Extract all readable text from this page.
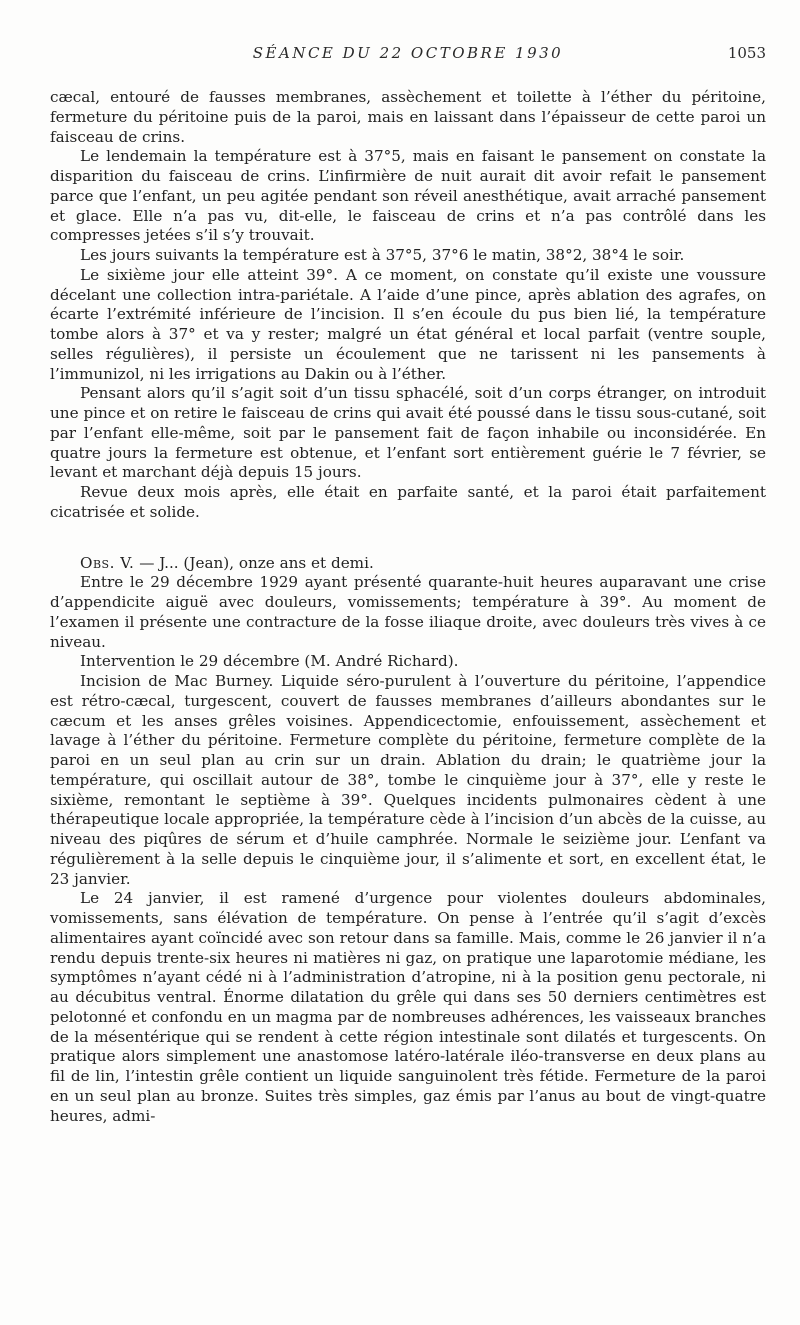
SÉANCE DU 22 OCTOBRE 1930	1053

cæcal, entouré de fausses membranes, assèchement et toilette à l’éther du péritoine, fermeture du péritoine puis de la paroi, mais en laissant dans l’épaisseur de cette paroi un faisceau de crins.

Le lendemain la température est à 37°5, mais en faisant le pansement on constate la disparition du faisceau de crins. L’infirmière de nuit aurait dit avoir refait le pansement parce que l’enfant, un peu agitée pendant son réveil anesthétique, avait arraché pansement et glace. Elle n’a pas vu, dit-elle, le faisceau de crins et n’a pas contrôlé dans les compresses jetées s’il s’y trouvait.

Les jours suivants la température est à 37°5, 37°6 le matin, 38°2, 38°4 le soir.

Le sixième jour elle atteint 39°. A ce moment, on constate qu’il existe une voussure décelant une collection intra-pariétale. A l’aide d’une pince, après ablation des agrafes, on écarte l’extrémité inférieure de l’incision. Il s’en écoule du pus bien lié, la température tombe alors à 37° et va y rester; malgré un état général et local parfait (ventre souple, selles régulières), il persiste un écoulement que ne tarissent ni les pansements à l’immunizol, ni les irrigations au Dakin ou à l’éther.

Pensant alors qu’il s’agit soit d’un tissu sphacélé, soit d’un corps étranger, on introduit une pince et on retire le faisceau de crins qui avait été poussé dans le tissu sous-cutané, soit par l’enfant elle-même, soit par le pansement fait de façon inhabile ou inconsidérée. En quatre jours la fermeture est obtenue, et l’enfant sort entièrement guérie le 7 février, se levant et marchant déjà depuis 15 jours.

Revue deux mois après, elle était en parfaite santé, et la paroi était parfaitement cicatrisée et solide.

Obs. V. — J... (Jean), onze ans et demi.

Entre le 29 décembre 1929 ayant présenté quarante-huit heures auparavant une crise d’appendicite aiguë avec douleurs, vomissements; température à 39°. Au moment de l’examen il présente une contracture de la fosse iliaque droite, avec douleurs très vives à ce niveau.

Intervention le 29 décembre (M. André Richard).

Incision de Mac Burney. Liquide séro-purulent à l’ouverture du péritoine, l’appendice est rétro-cæcal, turgescent, couvert de fausses membranes d’ailleurs abondantes sur le cæcum et les anses grêles voisines. Appendicectomie, enfouissement, assèchement et lavage à l’éther du péritoine. Fermeture complète du péritoine, fermeture complète de la paroi en un seul plan au crin sur un drain. Ablation du drain; le quatrième jour la température, qui oscillait autour de 38°, tombe le cinquième jour à 37°, elle y reste le sixième, remontant le septième à 39°. Quelques incidents pulmonaires cèdent à une thérapeutique locale appropriée, la température cède à l’incision d’un abcès de la cuisse, au niveau des piqûres de sérum et d’huile camphrée. Normale le seizième jour. L’enfant va régulièrement à la selle depuis le cinquième jour, il s’alimente et sort, en excellent état, le 23 janvier.

Le 24 janvier, il est ramené d’urgence pour violentes douleurs abdominales, vomissements, sans élévation de température. On pense à l’entrée qu’il s’agit d’excès alimentaires ayant coïncidé avec son retour dans sa famille. Mais, comme le 26 janvier il n’a rendu depuis trente-six heures ni matières ni gaz, on pratique une laparotomie médiane, les symptômes n’ayant cédé ni à l’administration d’atropine, ni à la position genu pectorale, ni au décubitus ventral. Énorme dilatation du grêle qui dans ses 50 derniers centimètres est pelotonné et confondu en un magma par de nombreuses adhérences, les vaisseaux branches de la mésentérique qui se rendent à cette région intestinale sont dilatés et turgescents. On pratique alors simplement une anastomose latéro-latérale iléo-transverse en deux plans au fil de lin, l’intestin grêle contient un liquide sanguinolent très fétide. Fermeture de la paroi en un seul plan au bronze. Suites très simples, gaz émis par l’anus au bout de vingt-quatre heures, admi-
